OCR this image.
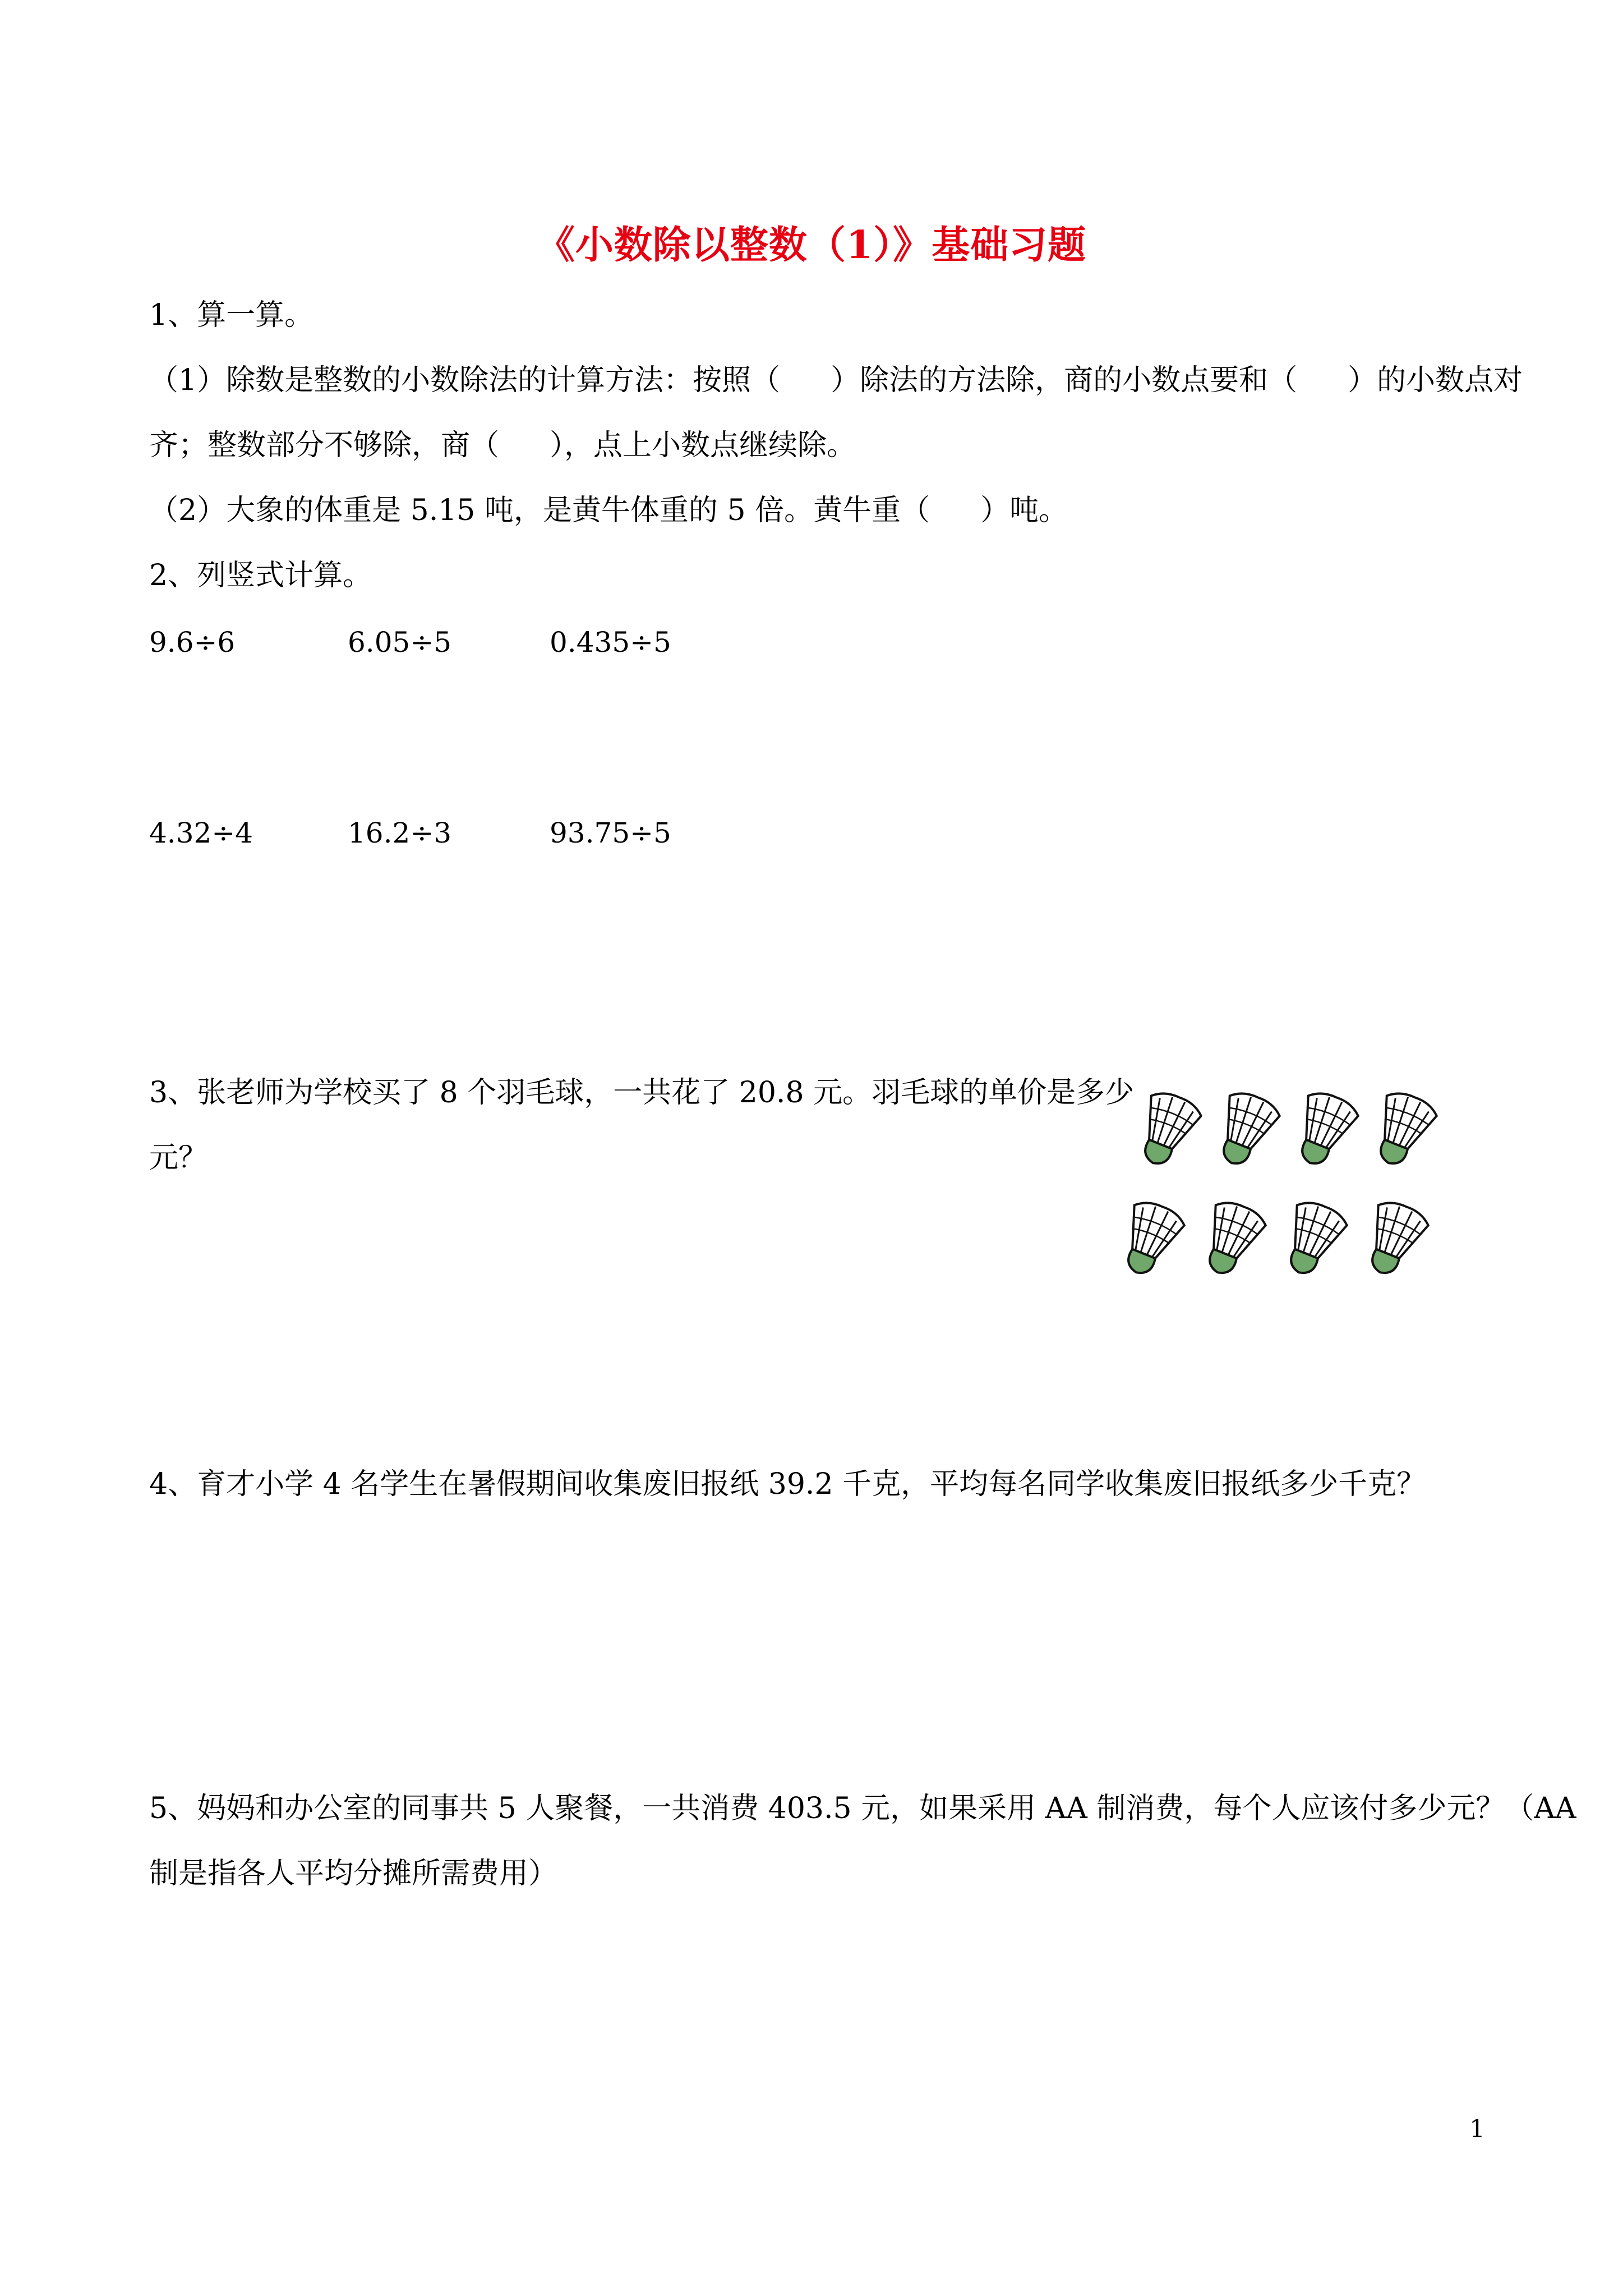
《小数除以整数（1）》基础习题
1、算一算。
（1）除数是整数的小数除法的计算方法：按照（ ）除法的方法除，商的小数点要和（ ）的小数点对
齐；整数部分不够除，商（ ），点上小数点继续除。
（2）大象的体重是 5.15 吨，是黄牛体重的 5 倍。黄牛重（ ）吨。
2、列竖式计算。
9.6÷6	6.05÷5	0.435÷5
4.32÷4	16.2÷3	93.75÷5
3、张老师为学校买了 8 个羽毛球，一共花了 20.8 元。羽毛球的单价是多少
元？
4、育才小学 4 名学生在暑假期间收集废旧报纸 39.2 千克，平均每名同学收集废旧报纸多少千克？
5、妈妈和办公室的同事共 5 人聚餐，一共消费 403.5 元，如果采用 AA 制消费，每个人应该付多少元？（AA
制是指各人平均分摊所需费用）
1
